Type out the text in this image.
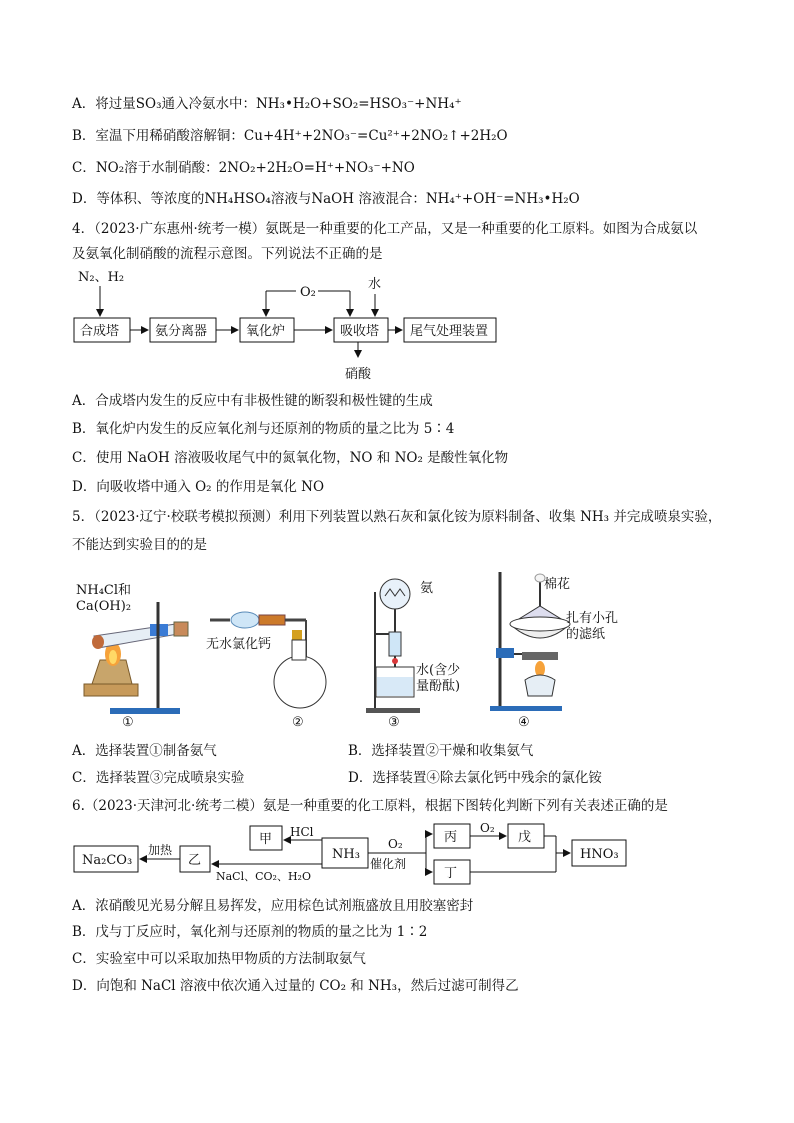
A．将过量SO₃通入冷氨水中：NH₃•H₂O+SO₂=HSO₃⁻+NH₄⁺
B．室温下用稀硝酸溶解铜：Cu+4H⁺+2NO₃⁻=Cu²⁺+2NO₂↑+2H₂O
C．NO₂溶于水制硝酸：2NO₂+2H₂O=H⁺+NO₃⁻+NO
D．等体积、等浓度的NH₄HSO₄溶液与NaOH 溶液混合：NH₄⁺+OH⁻=NH₃•H₂O
4．（2023·广东惠州·统考一模）氨既是一种重要的化工产品，又是一种重要的化工原料。如图为合成氨以
及氨氧化制硝酸的流程示意图。下列说法不正确的是
N₂、H₂
合成塔	氨分离器	氧化炉	吸收塔 尾气处理装置
O₂
水
硝酸
A．合成塔内发生的反应中有非极性键的断裂和极性键的生成
B．氧化炉内发生的反应氧化剂与还原剂的物质的量之比为 5∶4
C．使用 NaOH 溶液吸收尾气中的氮氧化物，NO 和 NO₂ 是酸性氧化物
D．向吸收塔中通入 O₂ 的作用是氧化 NO
5．（2023·辽宁·校联考模拟预测）利用下列装置以熟石灰和氯化铵为原料制备、收集 NH₃ 并完成喷泉实验，
不能达到实验目的的是
NH₄Cl和
Ca(OH)₂
①
无水氯化钙
②
氨
水(含少
量酚酞)
③
棉花
扎有小孔
的滤纸
④
A．选择装置①制备氨气	B．选择装置②干燥和收集氨气
C．选择装置③完成喷泉实验	D．选择装置④除去氯化钙中残余的氯化铵
6.（2023·天津河北·统考二模）氨是一种重要的化工原料，根据下图转化判断下列有关表述正确的是
Na₂CO₃
加热
乙
NaCl、CO₂、H₂O
甲 HCl
NH₃
O₂
催化剂
丙
O₂
戊
丁
HNO₃
A．浓硝酸见光易分解且易挥发，应用棕色试剂瓶盛放且用胶塞密封
B．戊与丁反应时，氧化剂与还原剂的物质的量之比为 1∶2
C．实验室中可以采取加热甲物质的方法制取氨气
D．向饱和 NaCl 溶液中依次通入过量的 CO₂ 和 NH₃，然后过滤可制得乙
